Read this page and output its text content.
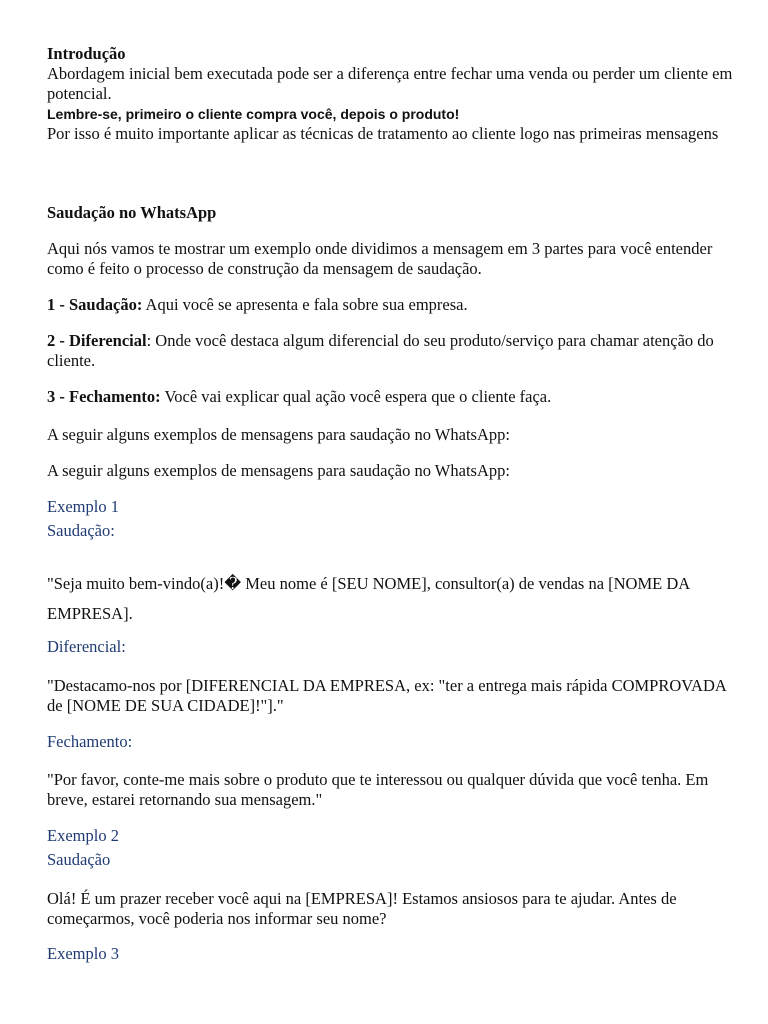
Introdução
Abordagem inicial bem executada pode ser a diferença entre fechar uma venda ou perder um cliente em potencial.
Lembre-se, primeiro o cliente compra você, depois o produto!
Por isso é muito importante aplicar as técnicas de tratamento ao cliente logo nas primeiras mensagens
Saudação no WhatsApp
Aqui nós vamos te mostrar um exemplo onde dividimos a mensagem em 3 partes para você entender como é feito o processo de construção da mensagem de saudação.
1 - Saudação: Aqui você se apresenta e fala sobre sua empresa.
2 - Diferencial: Onde você destaca algum diferencial do seu produto/serviço para chamar atenção do cliente.
3 - Fechamento: Você vai explicar qual ação você espera que o cliente faça.
A seguir alguns exemplos de mensagens para saudação no WhatsApp:
A seguir alguns exemplos de mensagens para saudação no WhatsApp:
Exemplo 1
Saudação:
"Seja muito bem-vindo(a)!� Meu nome é [SEU NOME], consultor(a) de vendas na [NOME DA EMPRESA].
Diferencial:
"Destacamo-nos por [DIFERENCIAL DA EMPRESA, ex: "ter a entrega mais rápida COMPROVADA de [NOME DE SUA CIDADE]!"]."
Fechamento:
"Por favor, conte-me mais sobre o produto que te interessou ou qualquer dúvida que você tenha. Em breve, estarei retornando sua mensagem."
Exemplo 2
Saudação
Olá! É um prazer receber você aqui na [EMPRESA]! Estamos ansiosos para te ajudar. Antes de começarmos, você poderia nos informar seu nome?
Exemplo 3
